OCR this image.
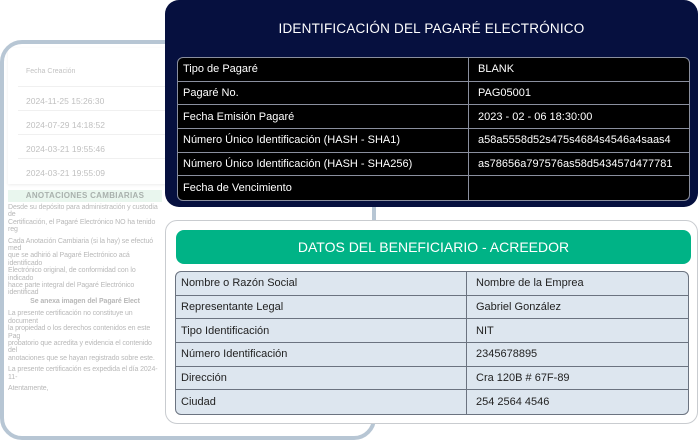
Fecha Creación
2024-11-25 15:26:30
2024-07-29 14:18:52
2024-03-21 19:55:46
2024-03-21 19:55:09
ANOTACIONES CAMBIARIAS
Desde su depósito para administración y custodia de
Certificación, el Pagaré Electrónico NO ha tenido reg
Cada Anotación Cambiaria (si la hay) se efectuó med
que se adhirió al Pagaré Electrónico acá identificado
Electrónico original, de conformidad con lo indicado
hace parte integral del Pagaré Electrónico identificad
Se anexa imagen del Pagaré Elect
La presente certificación no constituye un document
la propiedad o los derechos contenidos en este Pag
probatorio que acredita y evidencia el contenido del
anotaciones que se hayan registrado sobre este.
La presente certificación es expedida el día 2024-11-
Atentamente,
IDENTIFICACIÓN DEL PAGARÉ ELECTRÓNICO
Tipo de Pagaré	BLANK
Pagaré No.	PAG05001
Fecha Emisión Pagaré	2023 - 02 - 06 18:30:00
Número Único Identificación (HASH - SHA1)	a58a5558d52s475s4684s4546a4saas4
Número Único Identificación (HASH - SHA256)	as78656a797576as58d543457d477781
Fecha de Vencimiento	
DATOS DEL BENEFICIARIO - ACREEDOR
Nombre o Razón Social	Nombre de la Emprea
Representante Legal	Gabriel González
Tipo Identificación	NIT
Número Identificación	2345678895
Dirección	Cra 120B # 67F-89
Ciudad	254 2564 4546
